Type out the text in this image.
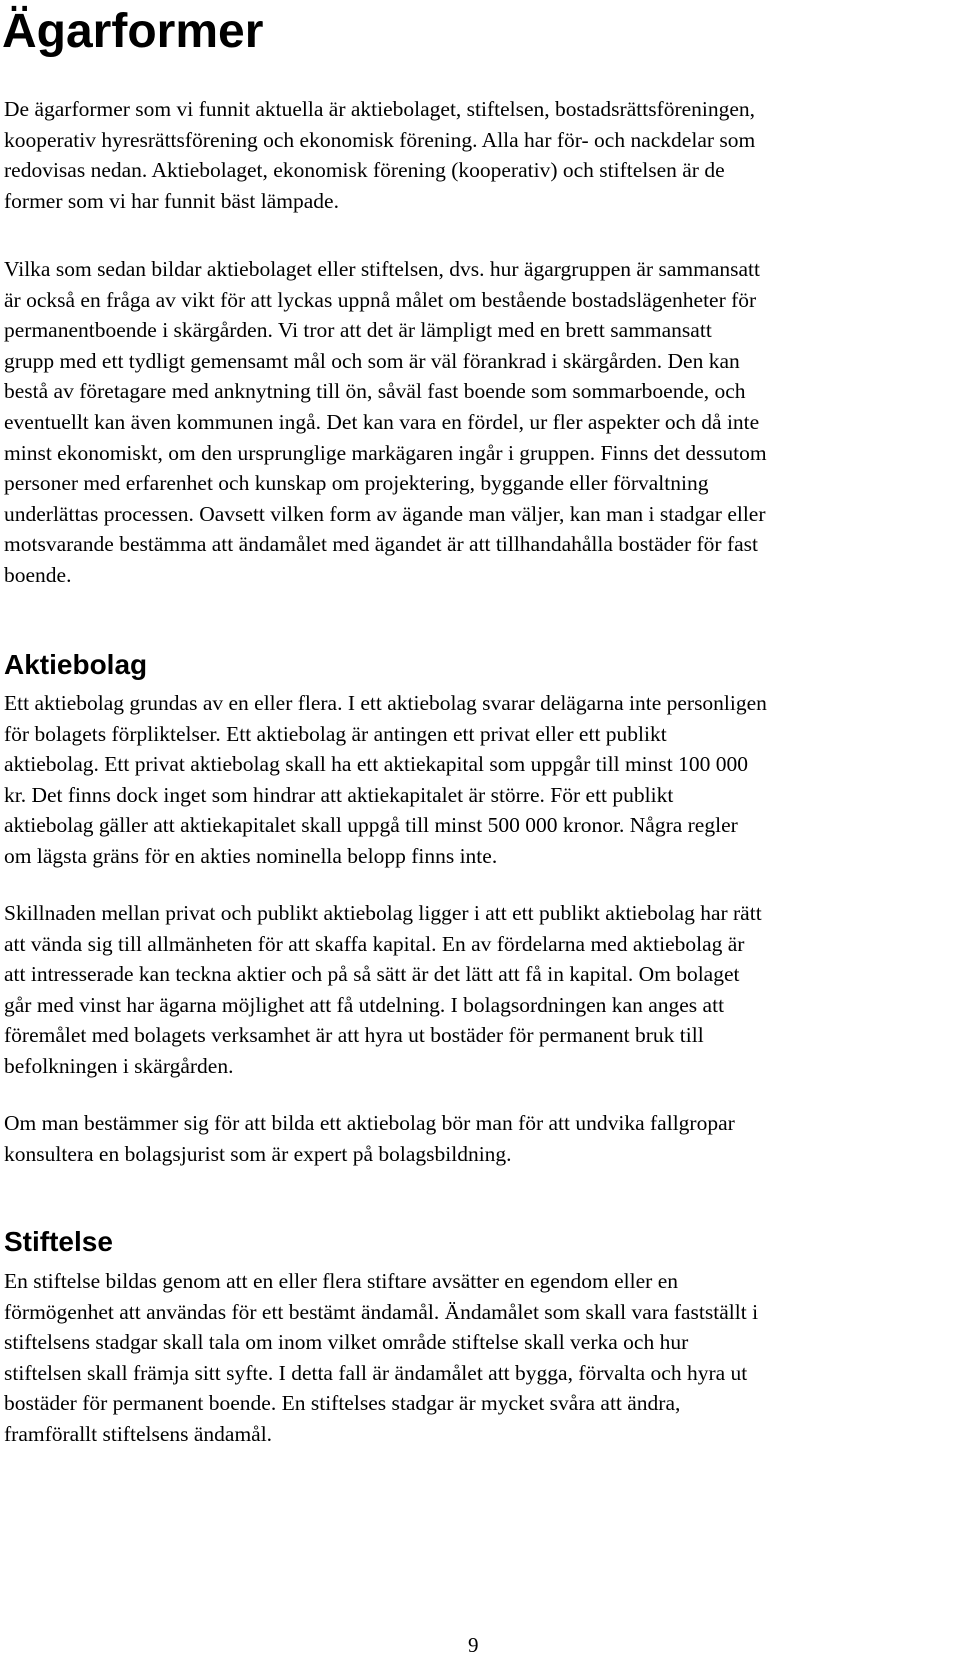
Ägarformer

De ägarformer som vi funnit aktuella är aktiebolaget, stiftelsen, bostadsrättsföreningen,
kooperativ hyresrättsförening och ekonomisk förening. Alla har för- och nackdelar som
redovisas nedan. Aktiebolaget, ekonomisk förening (kooperativ) och stiftelsen är de
former som vi har funnit bäst lämpade.

Vilka som sedan bildar aktiebolaget eller stiftelsen, dvs. hur ägargruppen är sammansatt
är också en fråga av vikt för att lyckas uppnå målet om bestående bostadslägenheter för
permanentboende i skärgården. Vi tror att det är lämpligt med en brett sammansatt
grupp med ett tydligt gemensamt mål och som är väl förankrad i skärgården. Den kan
bestå av företagare med anknytning till ön, såväl fast boende som sommarboende, och
eventuellt kan även kommunen ingå. Det kan vara en fördel, ur fler aspekter och då inte
minst ekonomiskt, om den ursprunglige markägaren ingår i gruppen. Finns det dessutom
personer med erfarenhet och kunskap om projektering, byggande eller förvaltning
underlättas processen. Oavsett vilken form av ägande man väljer, kan man i stadgar eller
motsvarande bestämma att ändamålet med ägandet är att tillhandahålla bostäder för fast
boende.

Aktiebolag

Ett aktiebolag grundas av en eller flera. I ett aktiebolag svarar delägarna inte personligen
för bolagets förpliktelser. Ett aktiebolag är antingen ett privat eller ett publikt
aktiebolag. Ett privat aktiebolag skall ha ett aktiekapital som uppgår till minst 100 000
kr. Det finns dock inget som hindrar att aktiekapitalet är större. För ett publikt
aktiebolag gäller att aktiekapitalet skall uppgå till minst 500 000 kronor. Några regler
om lägsta gräns för en akties nominella belopp finns inte.

Skillnaden mellan privat och publikt aktiebolag ligger i att ett publikt aktiebolag har rätt
att vända sig till allmänheten för att skaffa kapital. En av fördelarna med aktiebolag är
att intresserade kan teckna aktier och på så sätt är det lätt att få in kapital. Om bolaget
går med vinst har ägarna möjlighet att få utdelning. I bolagsordningen kan anges att
föremålet med bolagets verksamhet är att hyra ut bostäder för permanent bruk till
befolkningen i skärgården.

Om man bestämmer sig för att bilda ett aktiebolag bör man för att undvika fallgropar
konsultera en bolagsjurist som är expert på bolagsbildning.

Stiftelse

En stiftelse bildas genom att en eller flera stiftare avsätter en egendom eller en
förmögenhet att användas för ett bestämt ändamål. Ändamålet som skall vara fastställt i
stiftelsens stadgar skall tala om inom vilket område stiftelse skall verka och hur
stiftelsen skall främja sitt syfte. I detta fall är ändamålet att bygga, förvalta och hyra ut
bostäder för permanent boende. En stiftelses stadgar är mycket svåra att ändra,
framförallt stiftelsens ändamål.

9
